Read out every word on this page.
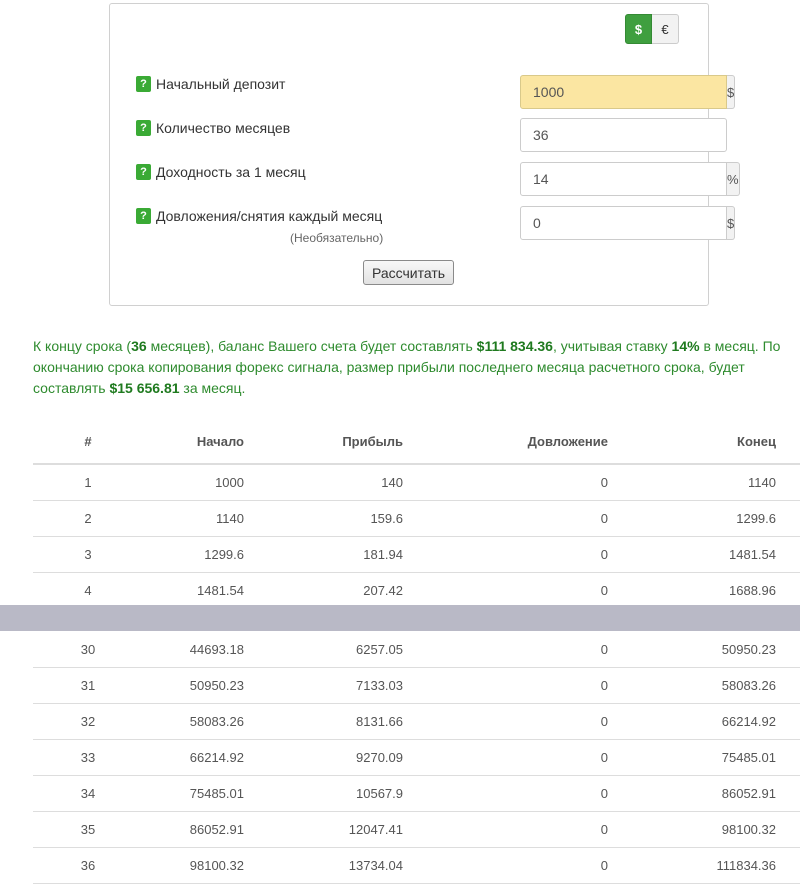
$	€
? Начальный депозит
1000	$
? Количество месяцев
36
? Доходность за 1 месяц
14	%
? Довложения/снятия каждый месяц
(Необязательно)
0
$
Рассчитать
К концу срока (36 месяцев), баланс Вашего счета будет составлять $111 834.36, учитывая ставку 14% в месяц. По окончанию срока копирования форекс сигнала, размер прибыли последнего месяца расчетного срока, будет составлять $15 656.81 за месяц.
#	Начало	Прибыль	Довложение	Конец
1	1000	140	0	1140
2	1140	159.6	0	1299.6
3	1299.6	181.94	0	1481.54
4	1481.54	207.42	0	1688.96
30	44693.18	6257.05	0	50950.23
31	50950.23	7133.03	0	58083.26
32	58083.26	8131.66	0	66214.92
33	66214.92	9270.09	0	75485.01
34	75485.01	10567.9	0	86052.91
35	86052.91	12047.41	0	98100.32
36	98100.32	13734.04	0	111834.36
